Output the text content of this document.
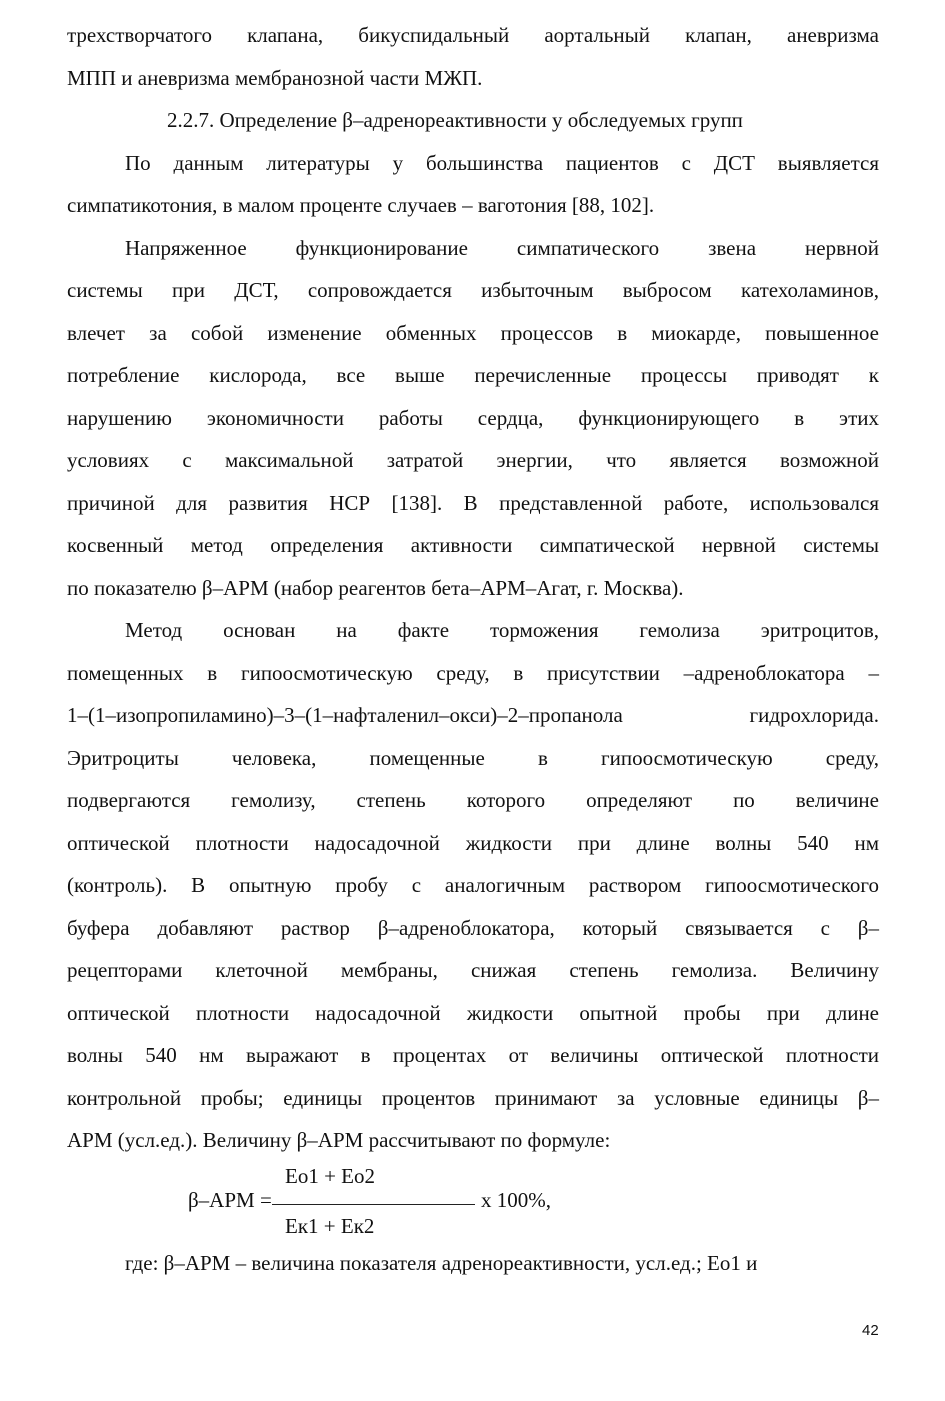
трехстворчатого клапана, бикуспидальный аортальный клапан, аневризма
МПП и аневризма мембранозной части МЖП.

2.2.7. Определение β–адренореактивности у обследуемых групп

По данным литературы у большинства пациентов с ДСТ выявляется
симпатикотония, в малом проценте случаев – ваготония [88, 102].

Напряженное функционирование симпатического звена нервной
системы при ДСТ, сопровождается избыточным выбросом катехоламинов,
влечет за собой изменение обменных процессов в миокарде, повышенное
потребление кислорода, все выше перечисленные процессы приводят к
нарушению экономичности работы сердца, функционирующего в этих
условиях с максимальной затратой энергии, что является возможной
причиной для развития НСР [138]. В представленной работе, использовался
косвенный метод определения активности симпатической нервной системы
по показателю β–АРМ (набор реагентов бета–АРМ–Агат, г. Москва).

Метод основан на факте торможения гемолиза эритроцитов,
помещенных в гипоосмотическую среду, в присутствии –адреноблокатора –
1–(1–изопропиламино)–3–(1–нафталенил–окси)–2–пропанола гидрохлорида.
Эритроциты человека, помещенные в гипоосмотическую среду,
подвергаются гемолизу, степень которого определяют по величине
оптической плотности надосадочной жидкости при длине волны 540 нм
(контроль). В опытную пробу с аналогичным раствором гипоосмотического
буфера добавляют раствор β–адреноблокатора, который связывается с β–
рецепторами клеточной мембраны, снижая степень гемолиза. Величину
оптической плотности надосадочной жидкости опытной пробы при длине
волны 540 нм выражают в процентах от величины оптической плотности
контрольной пробы; единицы процентов принимают за условные единицы β–
АРМ (усл.ед.). Величину β–АРМ рассчитывают по формуле:

Ео1 + Ео2
β–АРМ =	х 100%,
Ек1 + Ек2

где: β–АРМ – величина показателя адренореактивности, усл.ед.; Ео1 и

42
